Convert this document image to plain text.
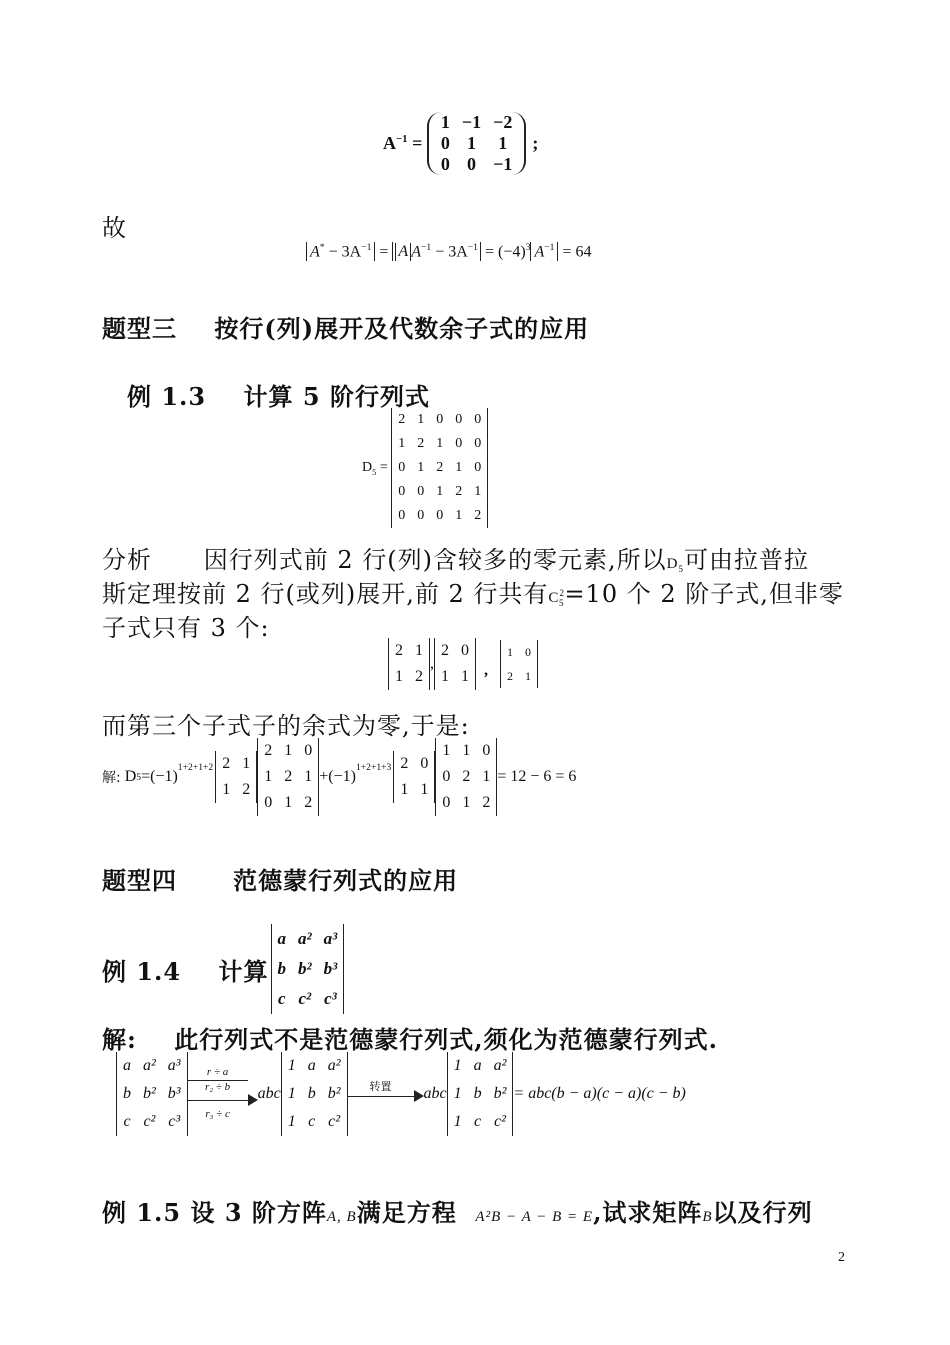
$A^{-1}$ =
1	−1	−2
0	1	1
0	0	−1
;
故
$A^* - 3A^{-1} = A$ $A^{-1} - 3A^{-1} = (-4)^3$ $A^{-1} = 64$
题型三    按行(列)展开及代数余子式的应用
例 1.3    计算 5 阶行列式
$D_5$ =
2	1	0	0	0
1	2	1	0	0
0	1	2	1	0
0	0	1	2	1
0	0	0	1	2
分析      因行列式前 2 行(列)含较多的零元素,所以$D_5$可由拉普拉
斯定理按前 2 行(或列)展开,前 2 行共有$C^2_5=10$ 个 2 阶子式,但非零
子式只有 3 个:
2	1
1	2
,
2	0
1	1 ,
1	0
2	1
而第三个子式子的余式为零,于是:
解: D 5 = (−1)
$^{1+2+1+2}$ 2	1
1	2
2	1	0
1	2	1
0	1	2
+ (−1)
$^{1+2+1+3}$ 2	0
1	1
1	1	0
0	2	1
0	1	2
= 12 − 6 = 6
题型四      范德蒙行列式的应用
例 1.4    计算
a	a²	a³
b	b²	b³
c	c²	c³
解:    此行列式不是范德蒙行列式,须化为范德蒙行列式.
a	a²	a³
b	b²	b³
c	c²	c³
r ÷ a
r₂ ÷ b
r₃ ÷ c
abc
1	a	a²
1	b	b²
1	c	c²
转置	abc
1	a	a²
1	b	b²
1	c	c²
= abc(b − a)(c − a)(c − b)
例 1.5 设 3 阶方阵A, B满足方程 A²B − A − B = E,试求矩阵B以及行列
2
